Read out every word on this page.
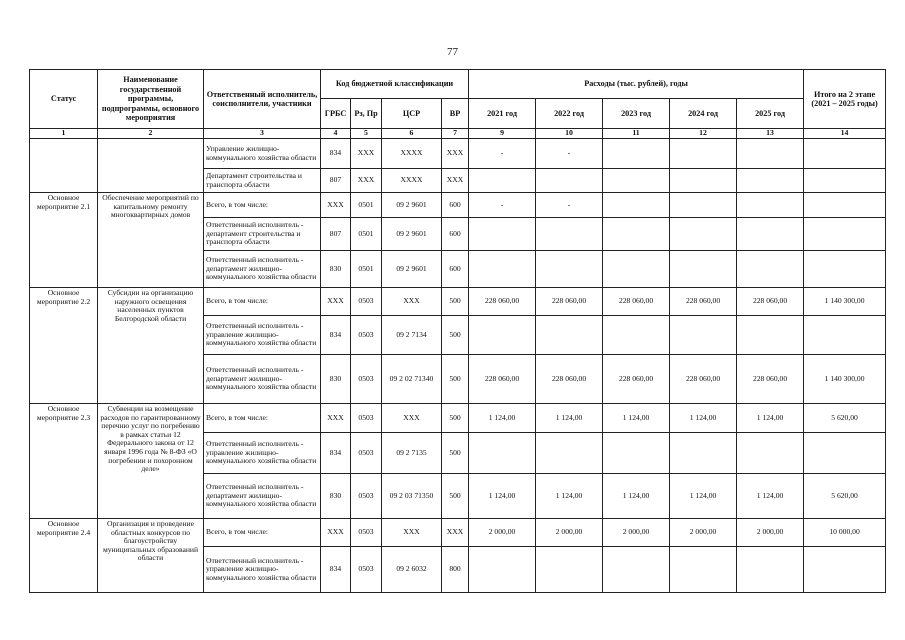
77
Статус	Наименование государственной программы, подпрограммы, основного мероприятия	Ответственный исполнитель, соисполнители, участники	Код бюджетной классификации				Расходы (тыс. рублей), годы					Итого на 2 этапе (2021 – 2025 годы)
			ГРБС	Рз, Пр	ЦСР	ВР	2021 год	2022 год	2023 год	2024 год	2025 год	
1	2	3	4	5	6	7	9	10	11	12	13	14
		Управление жилищно-коммунального хозяйства области	834	XXX	XXXX	XXX	-	-				
		Департамент строительства и транспорта области	807	XXX	XXXX	XXX						
Основное мероприятие 2.1	Обеспечение мероприятий по капитальному ремонту многоквартирных домов	Всего, в том числе:	XXX	0501	09 2 9601	600	-	-				
		Ответственный исполнитель - департамент строительства и транспорта области	807	0501	09 2 9601	600						
		Ответственный исполнитель - департамент жилищно-коммунального хозяйства области	830	0501	09 2 9601	600						
Основное мероприятие 2.2	Субсидии на организацию наружного освещения населенных пунктов Белгородской области	Всего, в том числе:	XXX	0503	XXX	500	228 060,00	228 060,00	228 060,00	228 060,00	228 060,00	1 140 300,00
		Ответственный исполнитель - управление жилищно-коммунального хозяйства области	834	0503	09 2 7134	500						
		Ответственный исполнитель - департамент жилищно-коммунального хозяйства области	830	0503	09 2 02 71340	500	228 060,00	228 060,00	228 060,00	228 060,00	228 060,00	1 140 300,00
Основное мероприятие 2.3	Субвенции на возмещение расходов по гарантированному перечню услуг по погребению в рамках статьи 12 Федерального закона от 12 января 1996 года № 8-ФЗ «О погребении и похоронном деле»	Всего, в том числе:	XXX	0503	XXX	500	1 124,00	1 124,00	1 124,00	1 124,00	1 124,00	5 620,00
		Ответственный исполнитель - управление жилищно-коммунального хозяйства области	834	0503	09 2 7135	500						
		Ответственный исполнитель - департамент жилищно-коммунального хозяйства области	830	0503	09 2 03 71350	500	1 124,00	1 124,00	1 124,00	1 124,00	1 124,00	5 620,00
Основное мероприятие 2.4	Организация и проведение областных конкурсов по благоустройству муниципальных образований области	Всего, в том числе:	XXX	0503	XXX	XXX	2 000,00	2 000,00	2 000,00	2 000,00	2 000,00	10 000,00
		Ответственный исполнитель - управление жилищно-коммунального хозяйства области	834	0503	09 2 6032	800						
